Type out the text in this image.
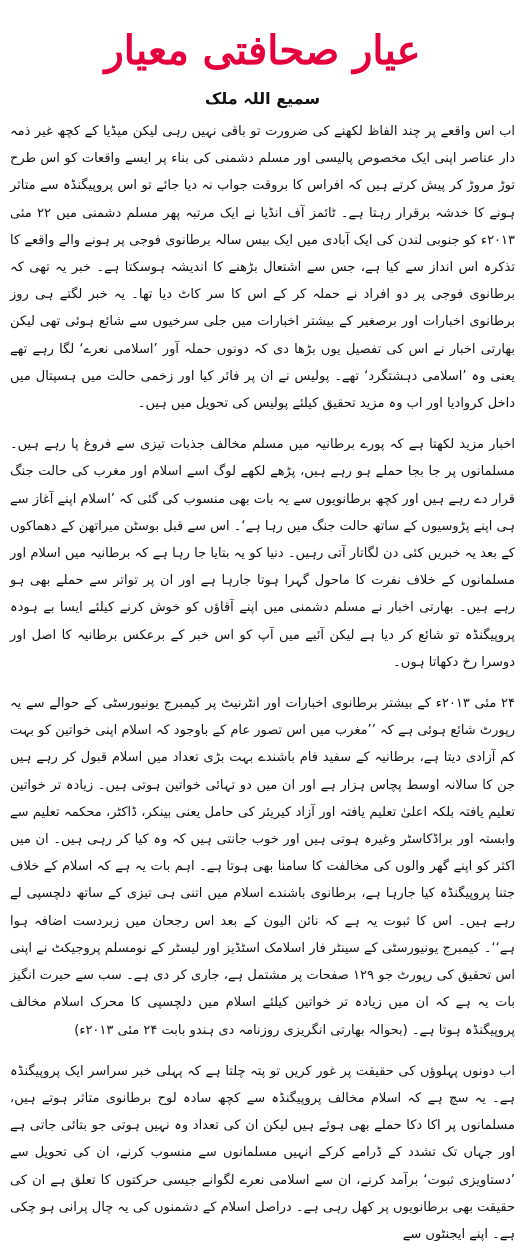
عیار صحافتی معیار
سمیع اللہ ملک

اب اس واقعے پر چند الفاظ لکھنے کی ضرورت تو باقی نہیں رہی لیکن میڈیا کے کچھ غیر ذمہ دار عناصر اپنی ایک مخصوص پالیسی اور مسلم دشمنی کی بناء پر ایسے واقعات کو اس طرح توڑ مروڑ کر پیش کرتے ہیں کہ افراس کا بروقت جواب نہ دیا جائے تو اس پروپیگنڈہ سے متاثر ہونے کا خدشہ برقرار رہتا ہے۔ ٹائمز آف انڈیا نے ایک مرتبہ پھر مسلم دشمنی میں ۲۲ مئی ۲۰۱۳ء کو جنوبی لندن کی ایک آبادی میں ایک بیس سالہ برطانوی فوجی پر ہونے والے واقعے کا تذکرہ اس انداز سے کیا ہے، جس سے اشتعال بڑھنے کا اندیشہ ہوسکتا ہے۔ خبر یہ تھی کہ برطانوی فوجی پر دو افراد نے حملہ کر کے اس کا سر کاٹ دیا تھا۔ یہ خبر لگتے ہی روز برطانوی اخبارات اور برصغیر کے بیشتر اخبارات میں جلی سرخیوں سے شائع ہوئی تھی لیکن بھارتی اخبار نے اس کی تفصیل یوں بڑھا دی کہ دونوں حملہ آور ’اسلامی نعرے‘ لگا رہے تھے یعنی وہ ’اسلامی دہشتگرد‘ تھے۔ پولیس نے ان پر فائر کیا اور زخمی حالت میں ہسپتال میں داخل کروادیا اور اب وہ مزید تحقیق کیلئے پولیس کی تحویل میں ہیں۔

اخبار مزید لکھتا ہے کہ پورے برطانیہ میں مسلم مخالف جذبات تیزی سے فروغ پا رہے ہیں۔ مسلمانوں پر جا بجا حملے ہو رہے ہیں، پڑھے لکھے لوگ اسے اسلام اور مغرب کی حالت جنگ قرار دے رہے ہیں اور کچھ برطانویوں سے یہ بات بھی منسوب کی گئی کہ ’اسلام اپنے آغاز سے ہی اپنے پڑوسیوں کے ساتھ حالت جنگ میں رہا ہے‘۔ اس سے قبل بوسٹن میراتھن کے دھماکوں کے بعد یہ خبریں کئی دن لگاتار آتی رہیں۔ دنیا کو یہ بتایا جا رہا ہے کہ برطانیہ میں اسلام اور مسلمانوں کے خلاف نفرت کا ماحول گہرا ہوتا جارہا ہے اور ان پر تواتر سے حملے بھی ہو رہے ہیں۔ بھارتی اخبار نے مسلم دشمنی میں اپنے آقاؤں کو خوش کرنے کیلئے ایسا بے ہودہ پروپیگنڈہ تو شائع کر دیا ہے لیکن آئیے میں آپ کو اس خبر کے برعکس برطانیہ کا اصل اور دوسرا رخ دکھاتا ہوں۔

۲۴ مئی ۲۰۱۳ء کے بیشتر برطانوی اخبارات اور انٹرنیٹ پر کیمبرج یونیورسٹی کے حوالے سے یہ رپورٹ شائع ہوئی ہے کہ ’’مغرب میں اس تصور عام کے باوجود کہ اسلام اپنی خواتین کو بہت کم آزادی دیتا ہے، برطانیہ کے سفید فام باشندے بہت بڑی تعداد میں اسلام قبول کر رہے ہیں جن کا سالانہ اوسط پچاس ہزار ہے اور ان میں دو تہائی خواتین ہوتی ہیں۔ زیادہ تر خواتین تعلیم یافتہ بلکہ اعلیٰ تعلیم یافتہ اور آزاد کیریئر کی حامل یعنی بینکر، ڈاکٹر، محکمہ تعلیم سے وابستہ اور براڈکاسٹر وغیرہ ہوتی ہیں اور خوب جانتی ہیں کہ وہ کیا کر رہی ہیں۔ ان میں اکثر کو اپنے گھر والوں کی مخالفت کا سامنا بھی ہوتا ہے۔ اہم بات یہ ہے کہ اسلام کے خلاف جتنا پروپیگنڈہ کیا جارہا ہے، برطانوی باشندے اسلام میں اتنی ہی تیزی کے ساتھ دلچسپی لے رہے ہیں۔ اس کا ثبوت یہ ہے کہ نائن الیون کے بعد اس رجحان میں زبردست اضافہ ہوا ہے‘‘۔ کیمبرج یونیورسٹی کے سینٹر فار اسلامک اسٹڈیز اور لیسٹر کے نومسلم پروجیکٹ نے اپنی اس تحقیق کی رپورٹ جو ۱۲۹ صفحات پر مشتمل ہے، جاری کر دی ہے۔ سب سے حیرت انگیز بات یہ ہے کہ ان میں زیادہ تر خواتین کیلئے اسلام میں دلچسپی کا محرک اسلام مخالف پروپیگنڈہ ہوتا ہے۔ (بحوالہ بھارتی انگریزی روزنامہ دی ہندو بابت ۲۴ مئی ۲۰۱۳ء)

اب دونوں پہلوؤں کی حقیقت پر غور کریں تو پتہ چلتا ہے کہ پہلی خبر سراسر ایک پروپیگنڈہ ہے۔ یہ سچ ہے کہ اسلام مخالف پروپیگنڈہ سے کچھ سادہ لوح برطانوی متاثر ہوتے ہیں، مسلمانوں پر اکا دکا حملے بھی ہوئے ہیں لیکن ان کی تعداد وہ نہیں ہوتی جو بتائی جاتی ہے اور جہاں تک تشدد کے ڈرامے کرکے انہیں مسلمانوں سے منسوب کرنے، ان کی تحویل سے ’دستاویزی ثبوت‘ برآمد کرنے، ان سے اسلامی نعرے لگوانے جیسی حرکتوں کا تعلق ہے ان کی حقیقت بھی برطانویوں پر کھل رہی ہے۔ دراصل اسلام کے دشمنوں کی یہ چال پرانی ہو چکی ہے۔ اپنے ایجنٹوں سے
